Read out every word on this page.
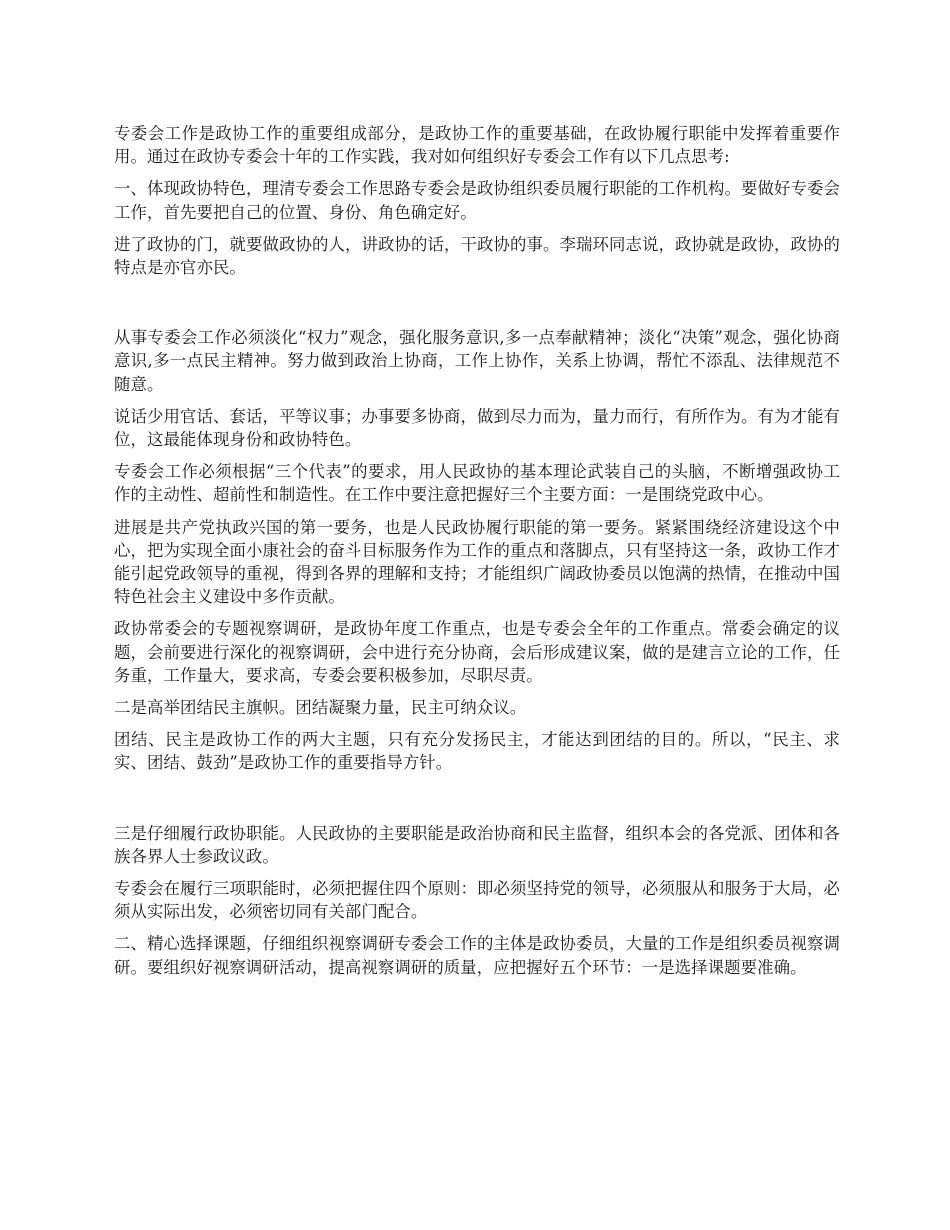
专委会工作是政协工作的重要组成部分，是政协工作的重要基础，在政协履行职能中发挥着重要作用。通过在政协专委会十年的工作实践，我对如何组织好专委会工作有以下几点思考:

一、体现政协特色，理清专委会工作思路专委会是政协组织委员履行职能的工作机构。要做好专委会工作，首先要把自己的位置、身份、角色确定好。

进了政协的门，就要做政协的人，讲政协的话，干政协的事。李瑞环同志说，政协就是政协，政协的特点是亦官亦民。

从事专委会工作必须淡化“权力”观念，强化服务意识,多一点奉献精神；淡化“决策”观念，强化协商意识,多一点民主精神。努力做到政治上协商，工作上协作，关系上协调，帮忙不添乱、法律规范不随意。

说话少用官话、套话，平等议事；办事要多协商，做到尽力而为，量力而行，有所作为。有为才能有位，这最能体现身份和政协特色。

专委会工作必须根据“三个代表”的要求，用人民政协的基本理论武装自己的头脑，不断增强政协工作的主动性、超前性和制造性。在工作中要注意把握好三个主要方面：一是围绕党政中心。

进展是共产党执政兴国的第一要务，也是人民政协履行职能的第一要务。紧紧围绕经济建设这个中心，把为实现全面小康社会的奋斗目标服务作为工作的重点和落脚点，只有坚持这一条，政协工作才能引起党政领导的重视，得到各界的理解和支持；才能组织广阔政协委员以饱满的热情，在推动中国特色社会主义建设中多作贡献。

政协常委会的专题视察调研，是政协年度工作重点，也是专委会全年的工作重点。常委会确定的议题，会前要进行深化的视察调研，会中进行充分协商，会后形成建议案，做的是建言立论的工作，任务重，工作量大，要求高，专委会要积极参加，尽职尽责。

二是高举团结民主旗帜。团结凝聚力量，民主可纳众议。

团结、民主是政协工作的两大主题，只有充分发扬民主，才能达到团结的目的。所以，“民主、求实、团结、鼓劲”是政协工作的重要指导方针。

三是仔细履行政协职能。人民政协的主要职能是政治协商和民主监督，组织本会的各党派、团体和各族各界人士参政议政。

专委会在履行三项职能时，必须把握住四个原则：即必须坚持党的领导，必须服从和服务于大局，必须从实际出发，必须密切同有关部门配合。

二、精心选择课题，仔细组织视察调研专委会工作的主体是政协委员，大量的工作是组织委员视察调研。要组织好视察调研活动，提高视察调研的质量，应把握好五个环节：一是选择课题要准确。
